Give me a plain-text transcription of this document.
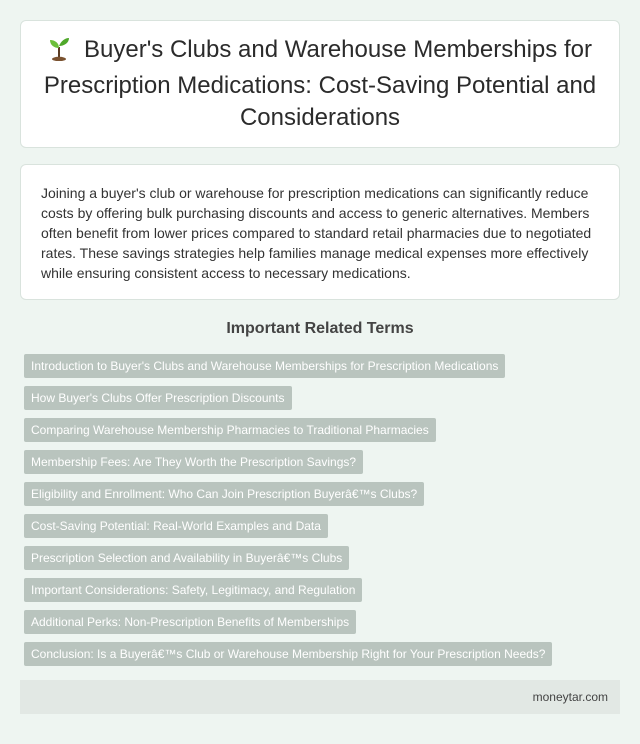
Buyer's Clubs and Warehouse Memberships for Prescription Medications: Cost-Saving Potential and Considerations

Joining a buyer's club or warehouse for prescription medications can significantly reduce costs by offering bulk purchasing discounts and access to generic alternatives. Members often benefit from lower prices compared to standard retail pharmacies due to negotiated rates. These savings strategies help families manage medical expenses more effectively while ensuring consistent access to necessary medications.

Important Related Terms
Introduction to Buyer's Clubs and Warehouse Memberships for Prescription Medications
How Buyer's Clubs Offer Prescription Discounts
Comparing Warehouse Membership Pharmacies to Traditional Pharmacies
Membership Fees: Are They Worth the Prescription Savings?
Eligibility and Enrollment: Who Can Join Prescription Buyerâ€™s Clubs?
Cost-Saving Potential: Real-World Examples and Data
Prescription Selection and Availability in Buyerâ€™s Clubs
Important Considerations: Safety, Legitimacy, and Regulation
Additional Perks: Non-Prescription Benefits of Memberships
Conclusion: Is a Buyerâ€™s Club or Warehouse Membership Right for Your Prescription Needs?
moneytar.com
